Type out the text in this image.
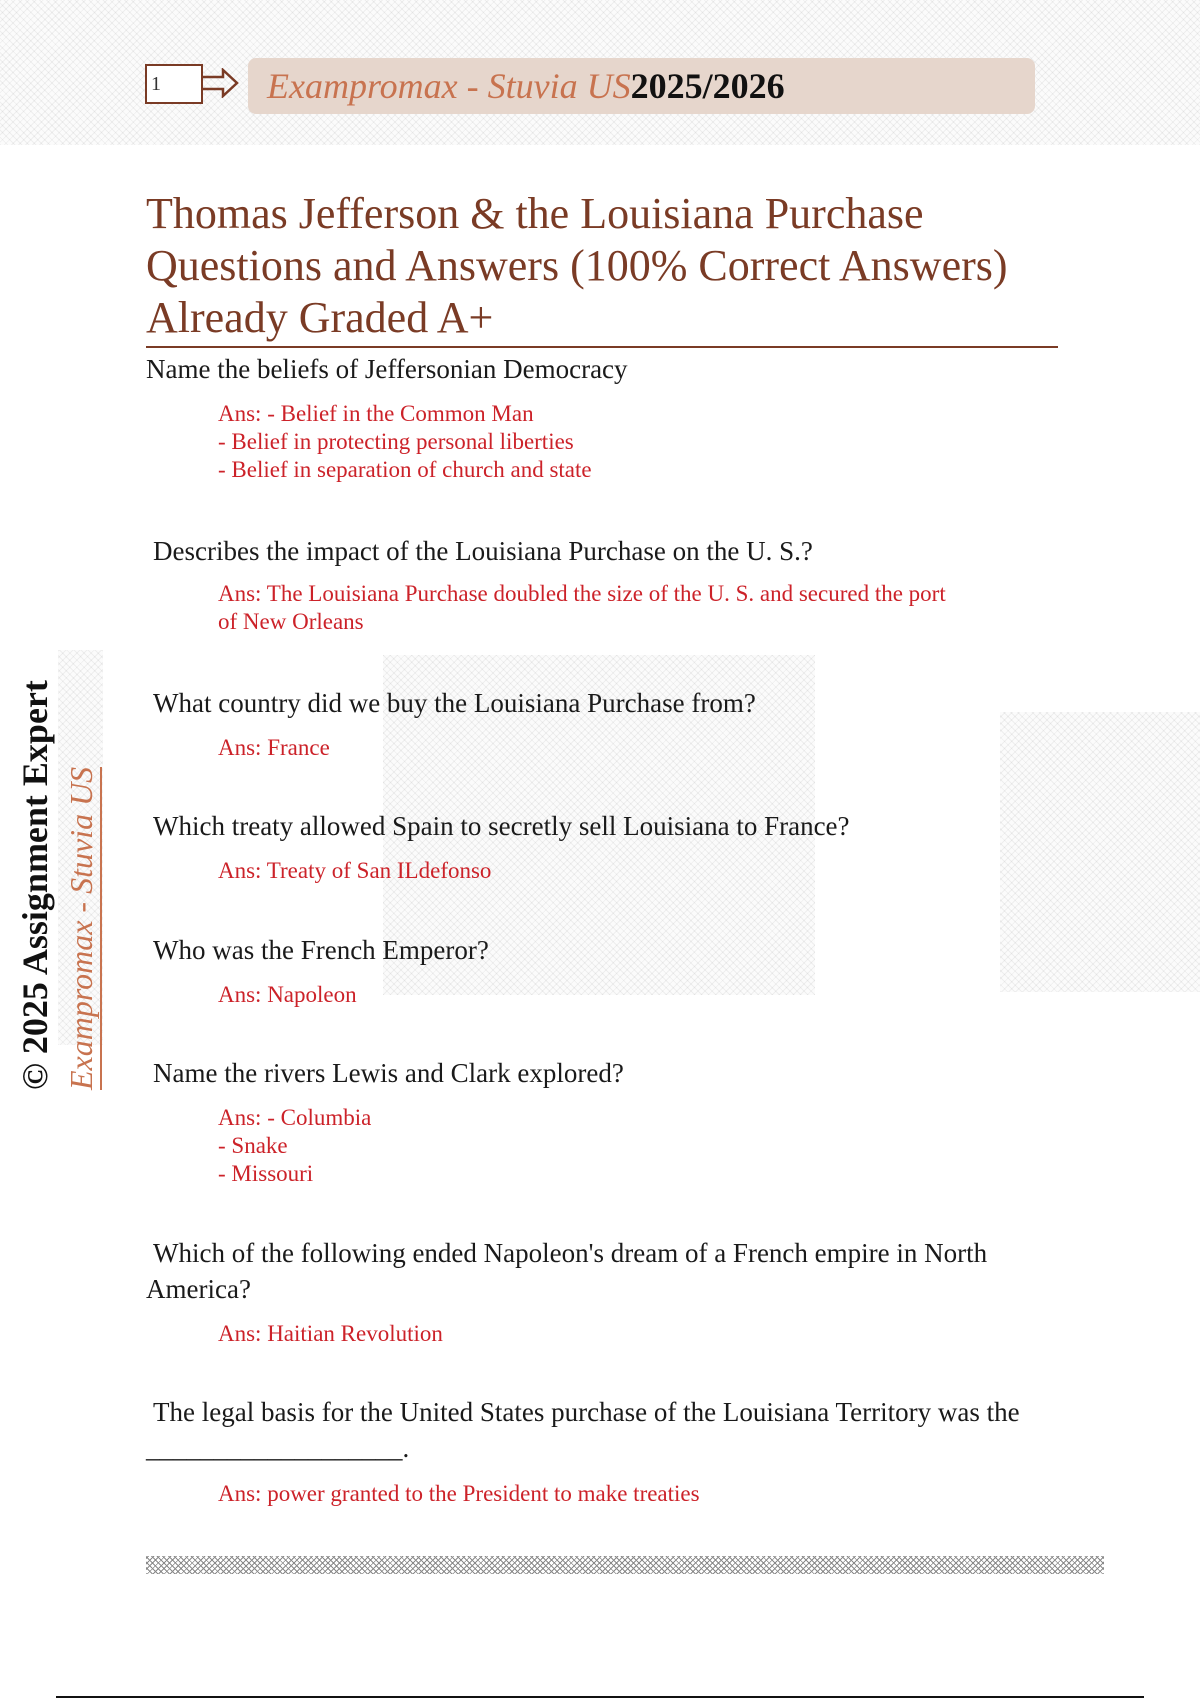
1	Exampromax - Stuvia US 2025/2026
Thomas Jefferson & the Louisiana Purchase Questions and Answers (100% Correct Answers) Already Graded A+
© 2025 Assignment Expert Exampromax - Stuvia US
Name the beliefs of Jeffersonian Democracy
Ans: - Belief in the Common Man
- Belief in protecting personal liberties
- Belief in separation of church and state
Describes the impact of the Louisiana Purchase on the U. S.?
Ans: The Louisiana Purchase doubled the size of the U. S. and secured the port
of New Orleans
What country did we buy the Louisiana Purchase from?
Ans: France
Which treaty allowed Spain to secretly sell Louisiana to France?
Ans: Treaty of San ILdefonso
Who was the French Emperor?
Ans: Napoleon
Name the rivers Lewis and Clark explored?
Ans: - Columbia
- Snake
- Missouri
Which of the following ended Napoleon's dream of a French empire in North America?
Ans: Haitian Revolution
The legal basis for the United States purchase of the Louisiana Territory was the ___________________.
Ans: power granted to the President to make treaties
